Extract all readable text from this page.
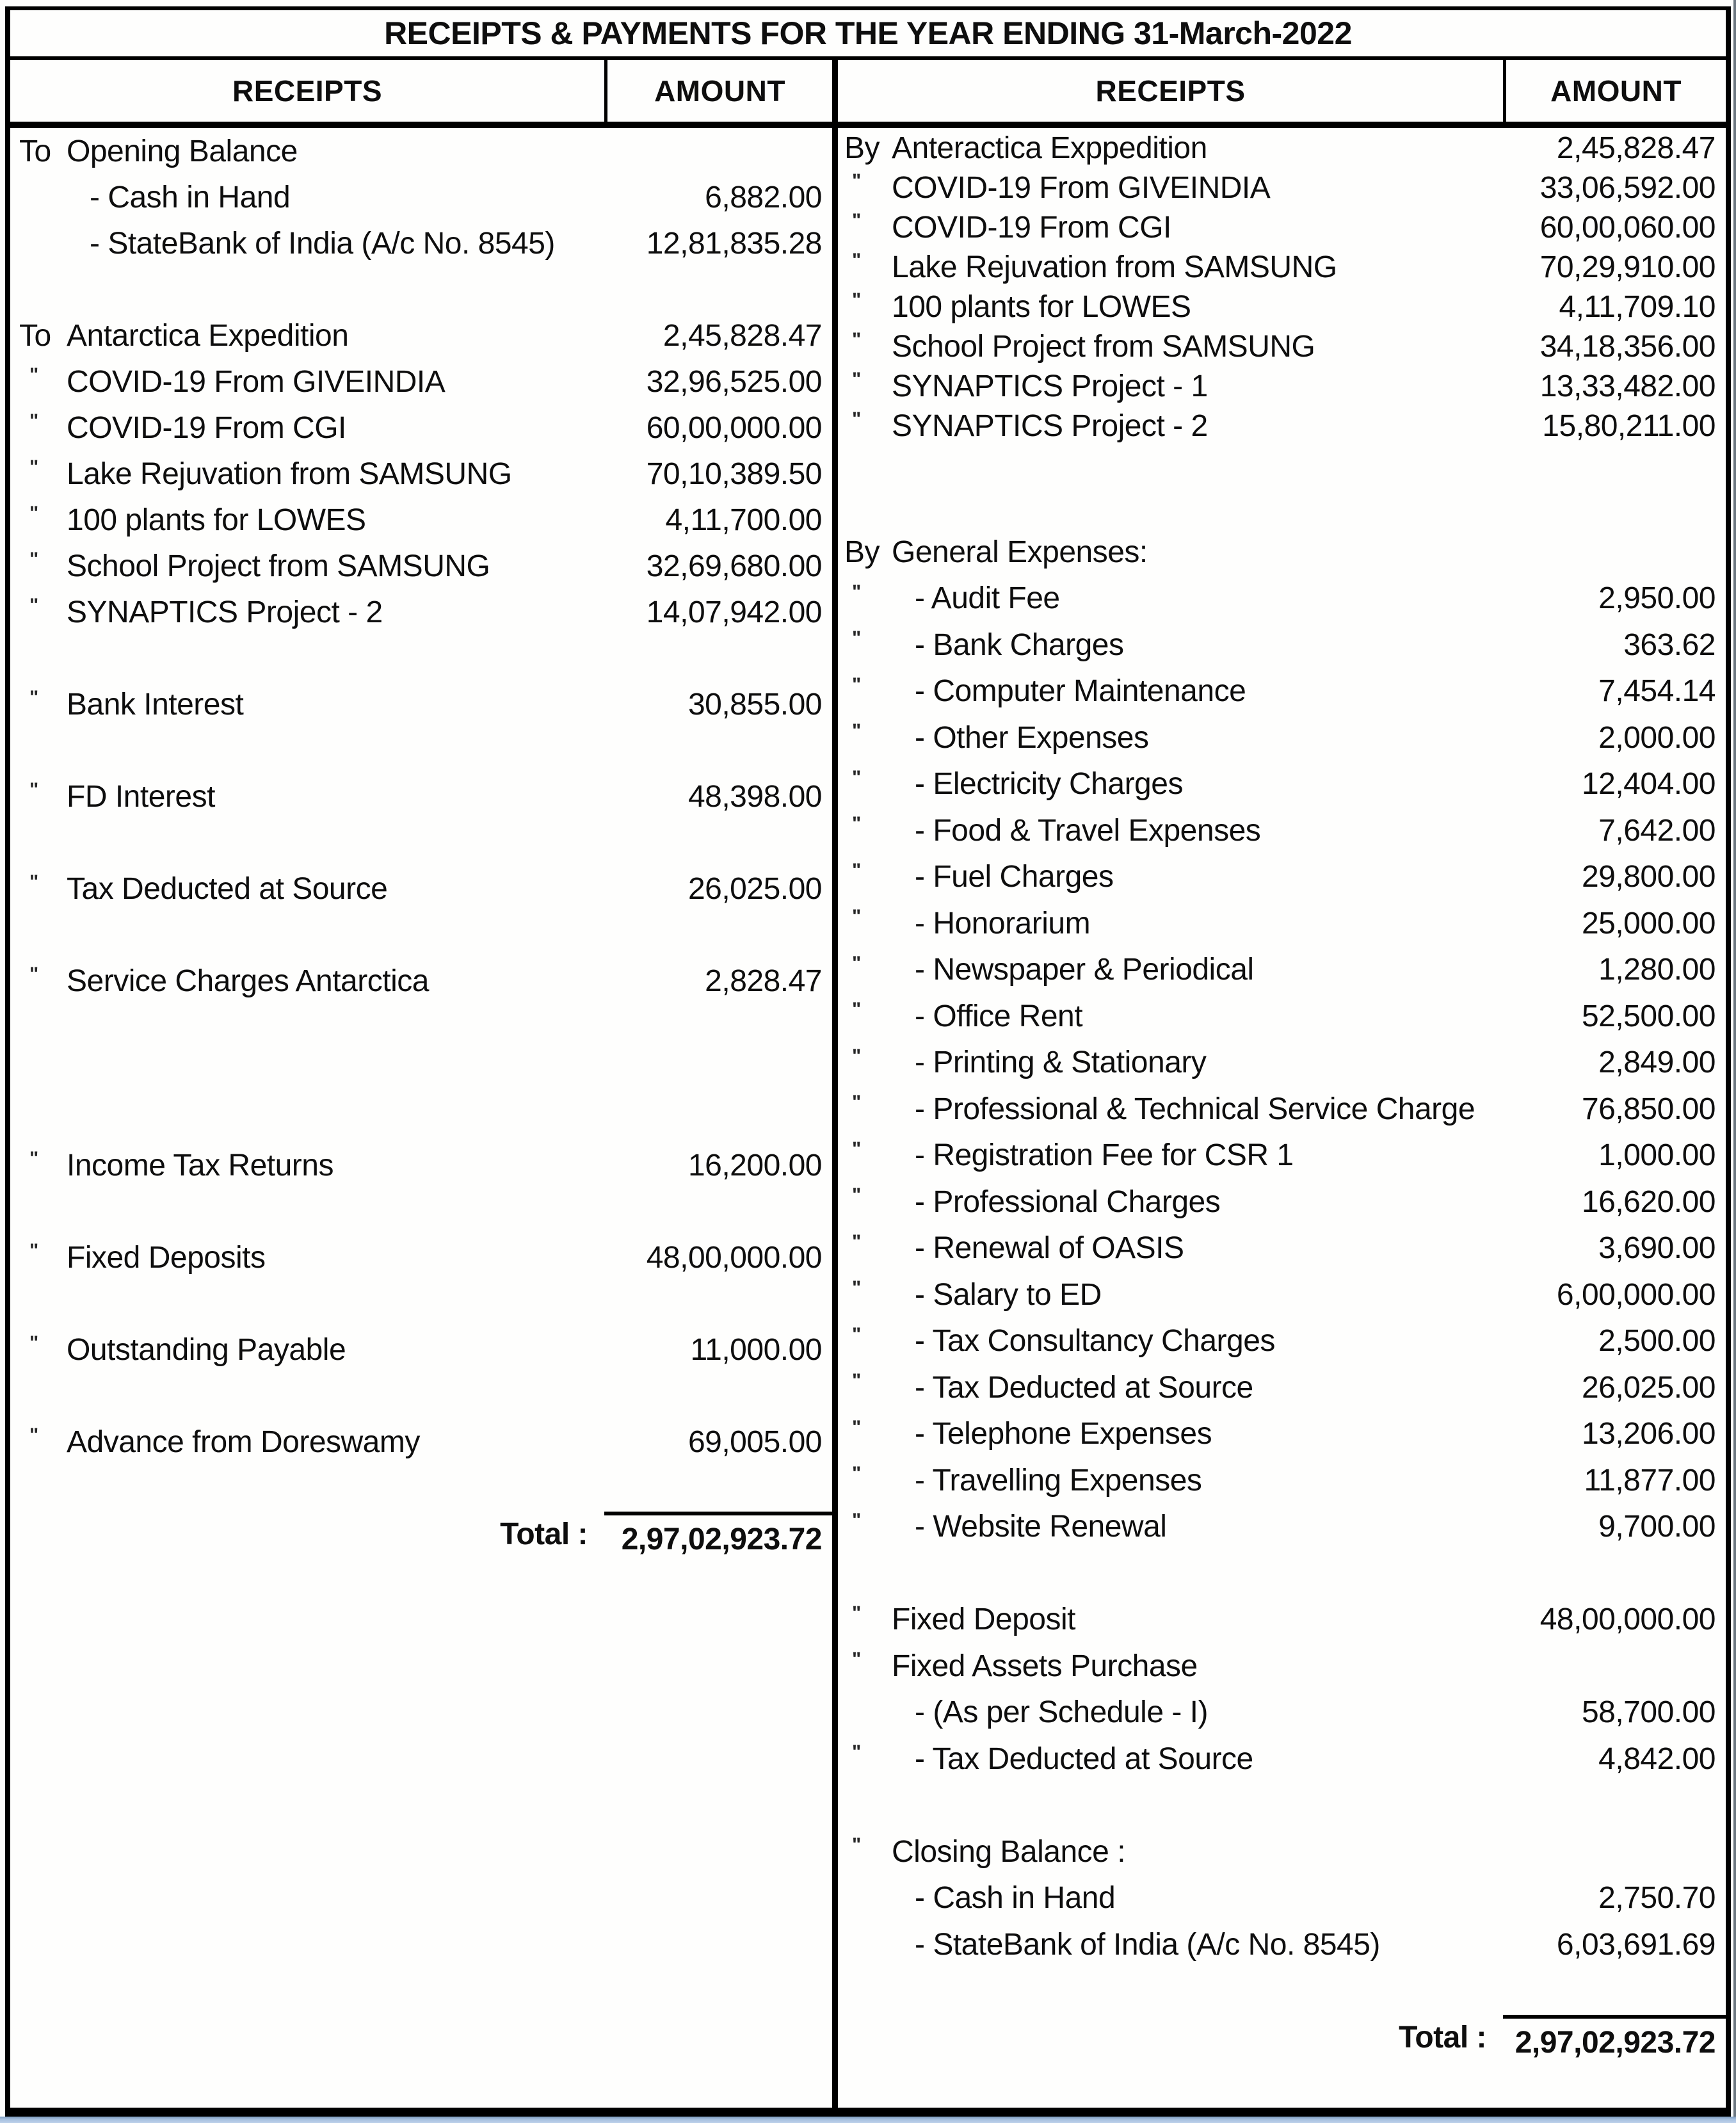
RECEIPTS & PAYMENTS FOR THE YEAR ENDING 31-March-2022
RECEIPTS	AMOUNT	RECEIPTS	AMOUNT
To Opening Balance
- Cash in Hand	6,882.00
- StateBank of India (A/c No. 8545)	12,81,835.28
To Antarctica Expedition	2,45,828.47
" COVID-19 From GIVEINDIA	32,96,525.00
" COVID-19 From CGI	60,00,000.00
" Lake Rejuvation from SAMSUNG	70,10,389.50
" 100 plants for LOWES	4,11,700.00
" School Project from SAMSUNG	32,69,680.00
" SYNAPTICS Project - 2	14,07,942.00
" Bank Interest	30,855.00
" FD Interest	48,398.00
" Tax Deducted at Source	26,025.00
" Service Charges Antarctica	2,828.47
" Income Tax Returns	16,200.00
" Fixed Deposits	48,00,000.00
" Outstanding Payable	11,000.00
" Advance from Doreswamy	69,005.00
Total :	2,97,02,923.72
By Anteractica Exppedition	2,45,828.47
"	COVID-19 From GIVEINDIA	33,06,592.00
"	COVID-19 From CGI	60,00,060.00
"	Lake Rejuvation from SAMSUNG	70,29,910.00
"	100 plants for LOWES	4,11,709.10
"	School Project from SAMSUNG	34,18,356.00
"	SYNAPTICS Project - 1	13,33,482.00
"	SYNAPTICS Project - 2	15,80,211.00
By General Expenses:
"	- Audit Fee	2,950.00
"	- Bank Charges	363.62
"	- Computer Maintenance	7,454.14
"	- Other Expenses	2,000.00
"	- Electricity Charges	12,404.00
"	- Food & Travel Expenses	7,642.00
"	- Fuel Charges	29,800.00
"	- Honorarium	25,000.00
"	- Newspaper & Periodical	1,280.00
"	- Office Rent	52,500.00
"	- Printing & Stationary	2,849.00
"	- Professional & Technical Service Charge	76,850.00
"	- Registration Fee for CSR 1	1,000.00
"	- Professional Charges	16,620.00
"	- Renewal of OASIS	3,690.00
"	- Salary to ED	6,00,000.00
"	- Tax Consultancy Charges	2,500.00
"	- Tax Deducted at Source	26,025.00
"	- Telephone Expenses	13,206.00
"	- Travelling Expenses	11,877.00
"	- Website Renewal	9,700.00
"	Fixed Deposit	48,00,000.00
"	Fixed Assets Purchase
- (As per Schedule - I)	58,700.00
"	- Tax Deducted at Source	4,842.00
"	Closing Balance :
- Cash in Hand	2,750.70
- StateBank of India (A/c No. 8545)	6,03,691.69
Total : 2,97,02,923.72
